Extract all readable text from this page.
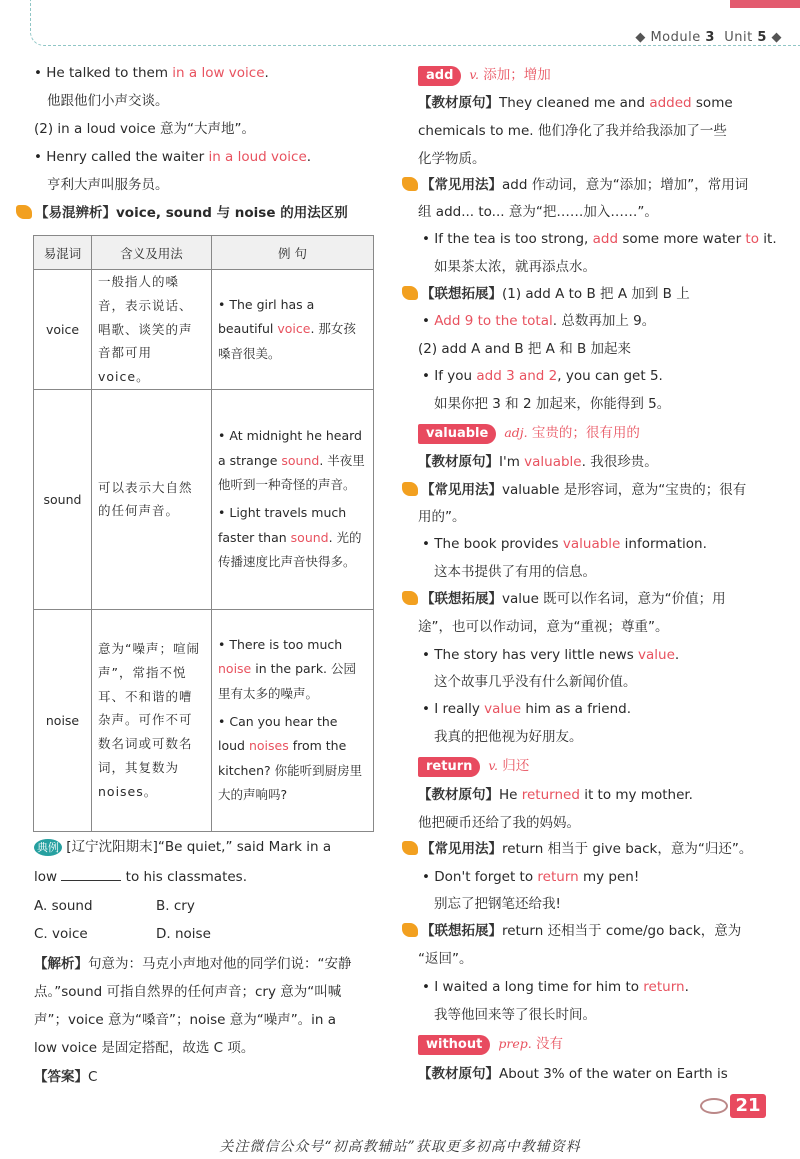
◆ Module 3 Unit 5 ◆
• He talked to them in a low voice.
他跟他们小声交谈。
(2) in a loud voice 意为“大声地”。
• Henry called the waiter in a loud voice.
亨利大声叫服务员。
【易混辨析】voice, sound 与 noise 的用法区别
易混词	含义及用法	例 句
voice	一般指人的嗓音，表示说话、唱歌、谈笑的声音都可用 voice。	• The girl has a beautiful voice. 那女孩嗓音很美。

sound	可以表示大自然的任何声音。	• At midnight he heard a strange sound. 半夜里他听到一种奇怪的声音。
• Light travels much faster than sound. 光的传播速度比声音快得多。

noise	意为“噪声；喧闹声”，常指不悦耳、不和谐的嘈杂声。可作不可数名词或可数名词，其复数为 noises。	• There is too much noise in the park. 公园里有太多的噪声。
• Can you hear the loud noises from the kitchen? 你能听到厨房里大的声响吗?
典例 [辽宁沈阳期末]“Be quiet,” said Mark in a
low	to his classmates.
A. sound	B. cry
C. voice	D. noise
【解析】句意为：马克小声地对他的同学们说：“安静
点。”sound 可指自然界的任何声音；cry 意为“叫喊
声”；voice 意为“嗓音”；noise 意为“噪声”。in a
low voice 是固定搭配，故选 C 项。
【答案】C
add v. 添加；增加
【教材原句】They cleaned me and added some
chemicals to me. 他们净化了我并给我添加了一些
化学物质。
【常见用法】add 作动词，意为“添加；增加”，常用词
组 add... to... 意为“把……加入……”。
• If the tea is too strong, add some more water to it.
如果茶太浓，就再添点水。
【联想拓展】(1) add A to B 把 A 加到 B 上
• Add 9 to the total. 总数再加上 9。
(2) add A and B 把 A 和 B 加起来
• If you add 3 and 2, you can get 5.
如果你把 3 和 2 加起来，你能得到 5。
valuable adj. 宝贵的；很有用的
【教材原句】I'm valuable. 我很珍贵。
【常见用法】valuable 是形容词，意为“宝贵的；很有
用的”。
• The book provides valuable information.
这本书提供了有用的信息。
【联想拓展】value 既可以作名词，意为“价值；用
途”，也可以作动词，意为“重视；尊重”。
• The story has very little news value.
这个故事几乎没有什么新闻价值。
• I really value him as a friend.
我真的把他视为好朋友。
return v. 归还
【教材原句】He returned it to my mother.
他把硬币还给了我的妈妈。
【常见用法】return 相当于 give back，意为“归还”。
• Don't forget to return my pen!
别忘了把钢笔还给我!
【联想拓展】return 还相当于 come/go back，意为
“返回”。
• I waited a long time for him to return.
我等他回来等了很长时间。
without prep. 没有
【教材原句】About 3% of the water on Earth is
21
关注微信公众号“初高教辅站”获取更多初高中教辅资料
